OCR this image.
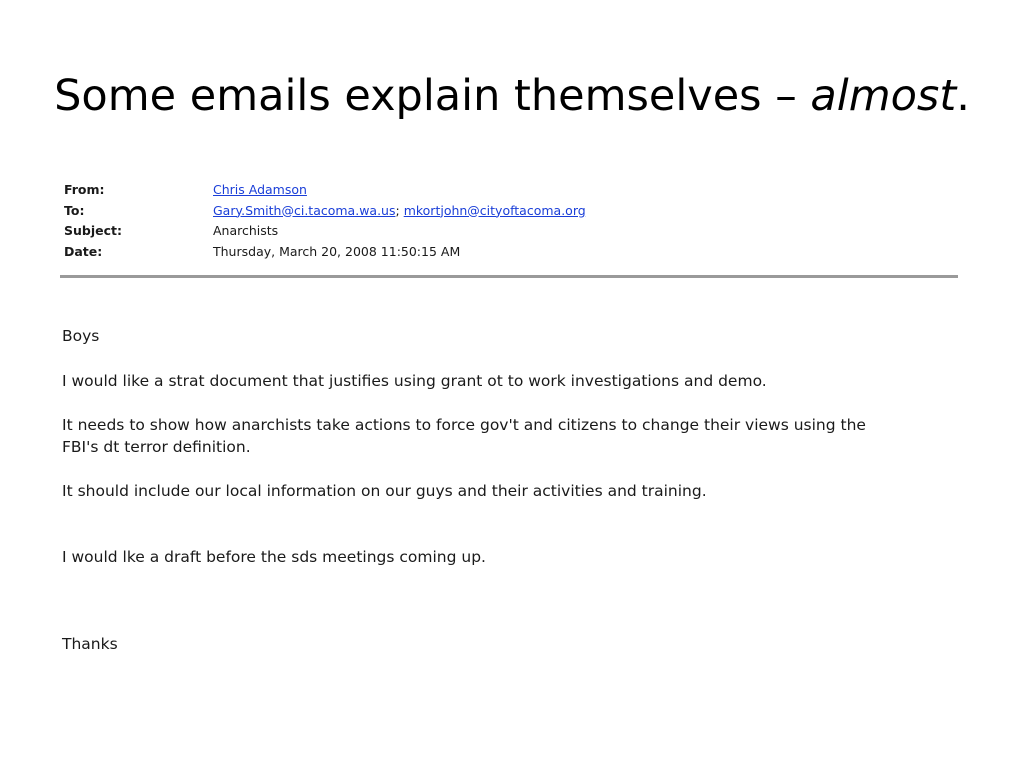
Some emails explain themselves – almost.
From:	Chris Adamson
To:	Gary.Smith@ci.tacoma.wa.us; mkortjohn@cityoftacoma.org
Subject:	Anarchists
Date:	Thursday, March 20, 2008 11:50:15 AM
Boys
I would like a strat document that justifies using grant ot to work investigations and demo.
It needs to show how anarchists take actions to force gov't and citizens to change their views using the
FBI's dt terror definition.
It should include our local information on our guys and their activities and training.
I would lke a draft before the sds meetings coming up.
Thanks
